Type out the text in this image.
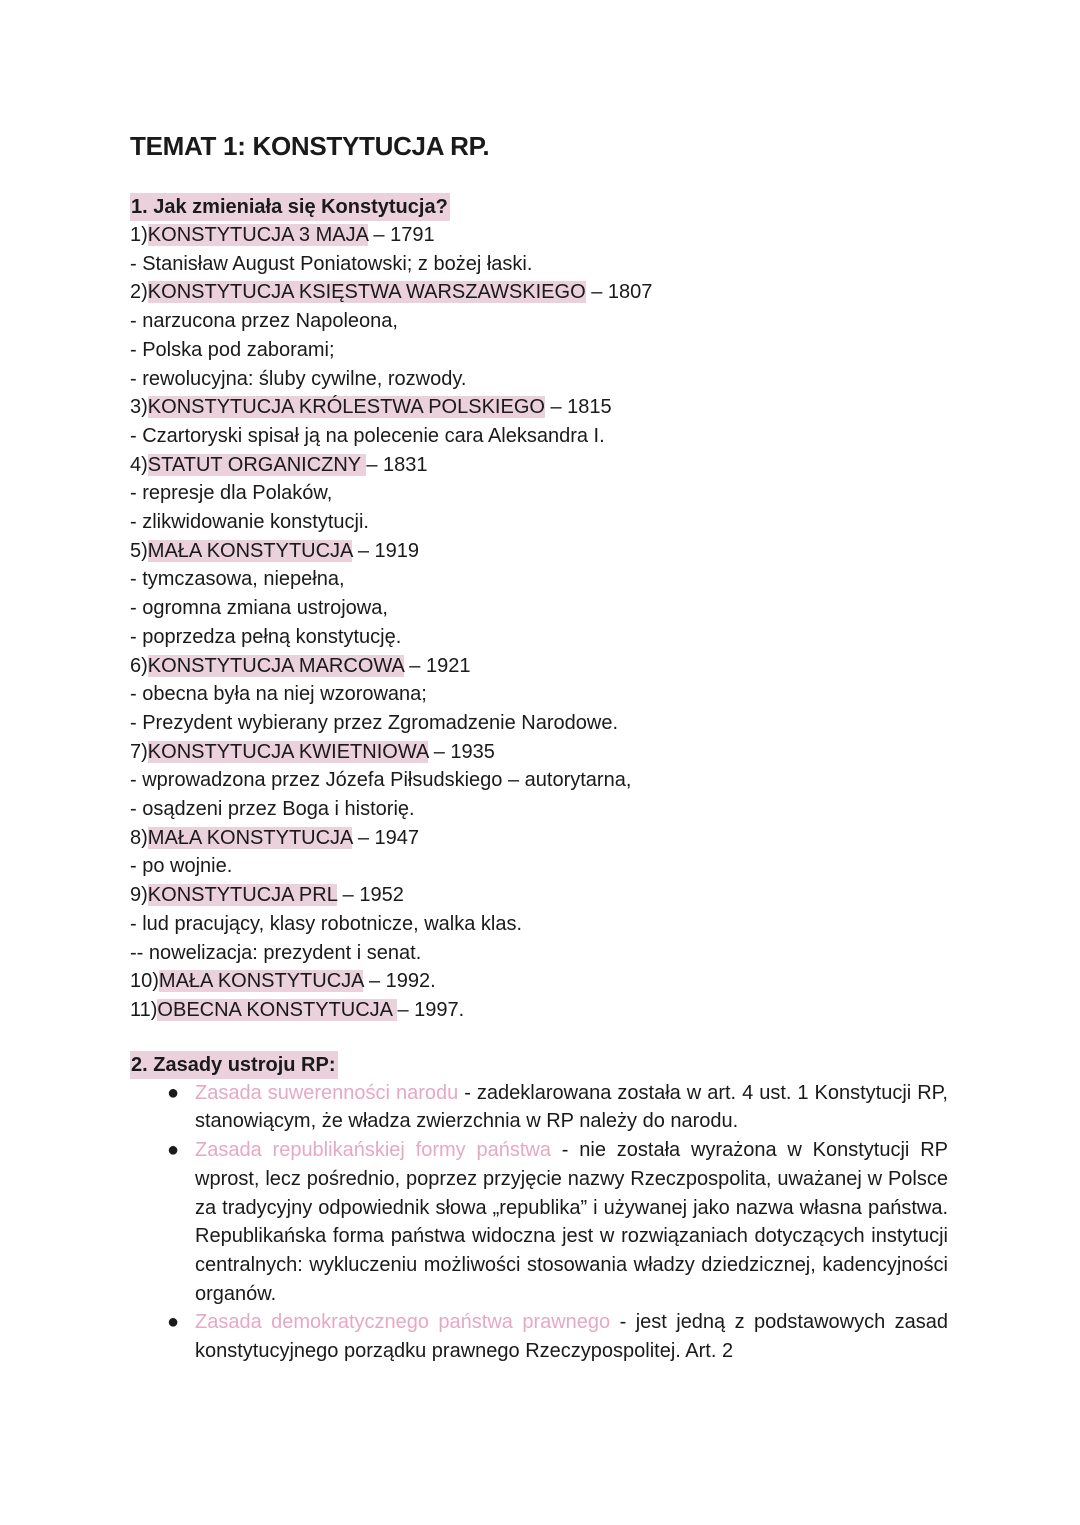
TEMAT 1: KONSTYTUCJA RP.
1. Jak zmieniała się Konstytucja?
1)KONSTYTUCJA 3 MAJA – 1791
- Stanisław August Poniatowski; z bożej łaski.
2)KONSTYTUCJA KSIĘSTWA WARSZAWSKIEGO – 1807
- narzucona przez Napoleona,
- Polska pod zaborami;
- rewolucyjna: śluby cywilne, rozwody.
3)KONSTYTUCJA KRÓLESTWA POLSKIEGO – 1815
- Czartoryski spisał ją na polecenie cara Aleksandra I.
4)STATUT ORGANICZNY – 1831
- represje dla Polaków,
- zlikwidowanie konstytucji.
5)MAŁA KONSTYTUCJA – 1919
- tymczasowa, niepełna,
- ogromna zmiana ustrojowa,
- poprzedza pełną konstytucję.
6)KONSTYTUCJA MARCOWA – 1921
- obecna była na niej wzorowana;
- Prezydent wybierany przez Zgromadzenie Narodowe.
7)KONSTYTUCJA KWIETNIOWA – 1935
- wprowadzona przez Józefa Piłsudskiego – autorytarna,
- osądzeni przez Boga i historię.
8)MAŁA KONSTYTUCJA – 1947
- po wojnie.
9)KONSTYTUCJA PRL – 1952
- lud pracujący, klasy robotnicze, walka klas.
-- nowelizacja: prezydent i senat.
10)MAŁA KONSTYTUCJA – 1992.
11)OBECNA KONSTYTUCJA – 1997.
2. Zasady ustroju RP:
● Zasada suwerenności narodu - zadeklarowana została w art. 4 ust. 1 Konstytucji RP, stanowiącym, że władza zwierzchnia w RP należy do narodu.
● Zasada republikańskiej formy państwa - nie została wyrażona w Konstytucji RP wprost, lecz pośrednio, poprzez przyjęcie nazwy Rzeczpospolita, uważanej w Polsce za tradycyjny odpowiednik słowa „republika” i używanej jako nazwa własna państwa. Republikańska forma państwa widoczna jest w rozwiązaniach dotyczących instytucji centralnych: wykluczeniu możliwości stosowania władzy dziedzicznej, kadencyjności organów.
● Zasada demokratycznego państwa prawnego - jest jedną z podstawowych zasad konstytucyjnego porządku prawnego Rzeczypospolitej. Art. 2
